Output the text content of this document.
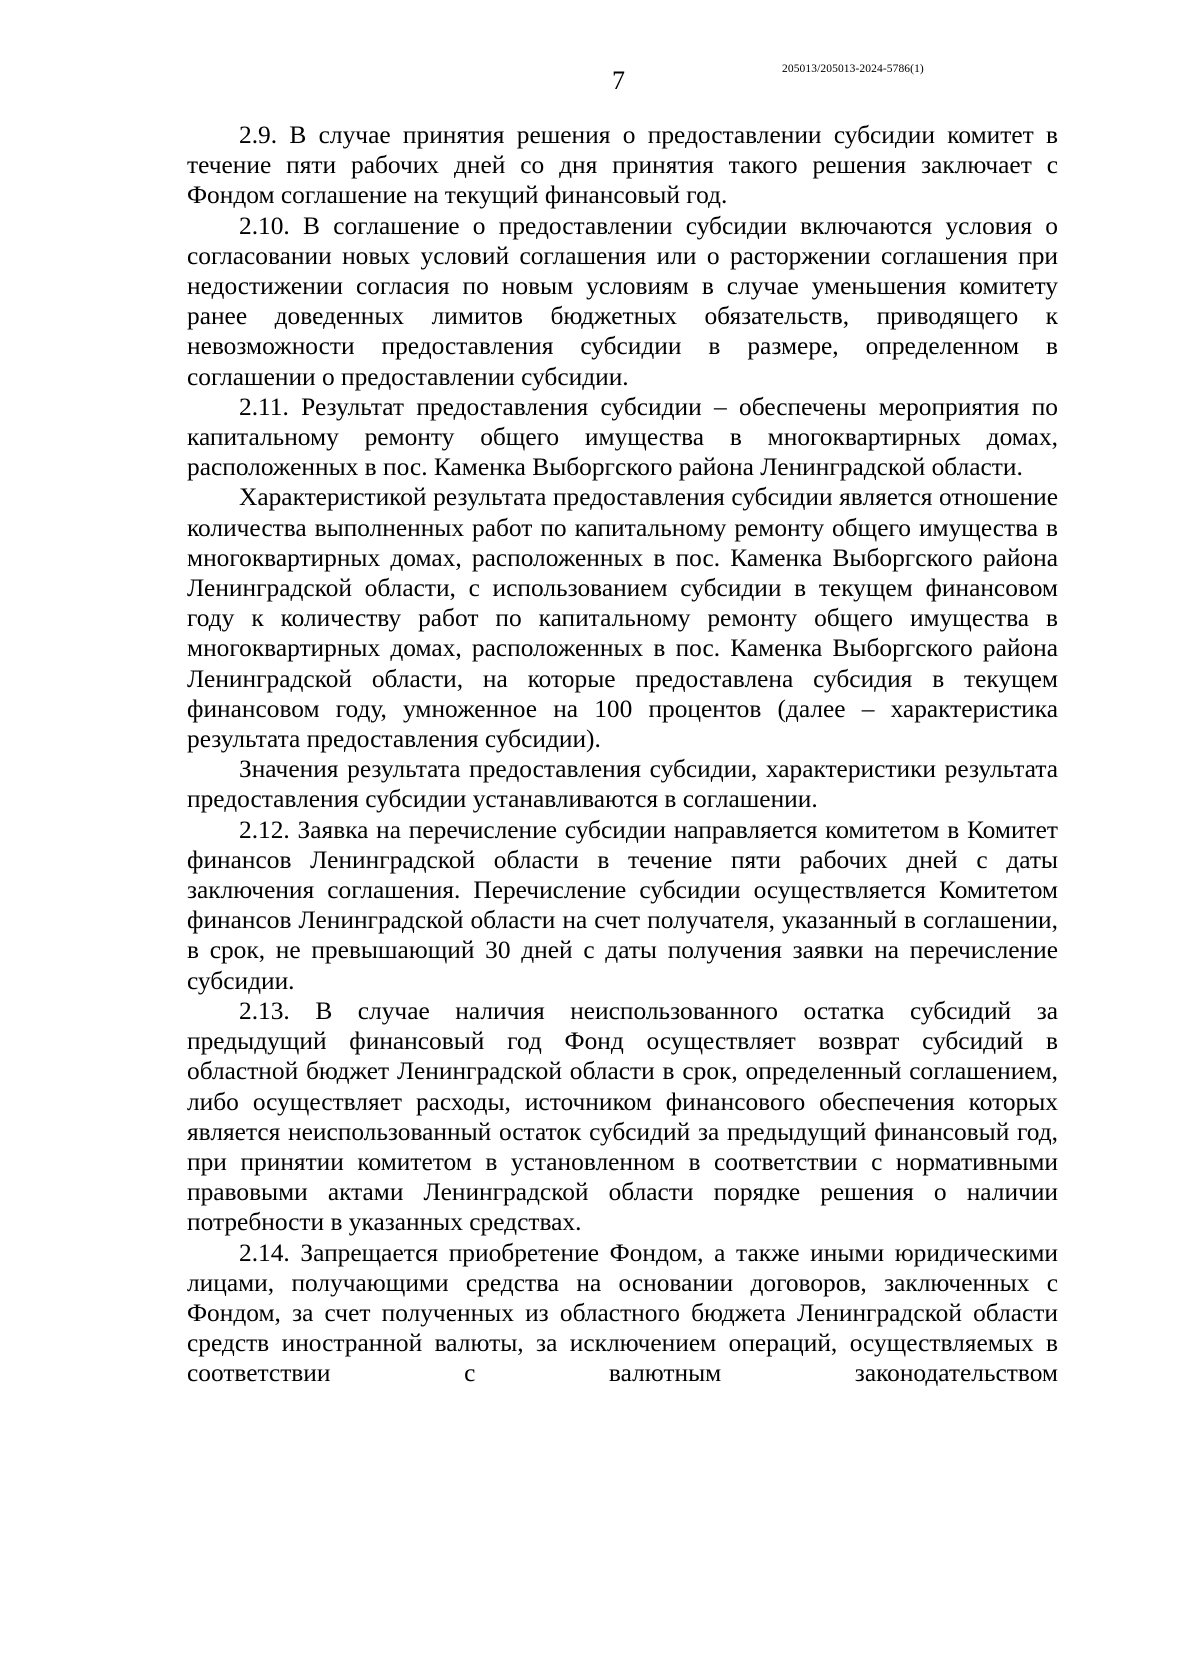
7	205013/205013-2024-5786(1)

2.9. В случае принятия решения о предоставлении субсидии комитет в течение пяти рабочих дней со дня принятия такого решения заключает с Фондом соглашение на текущий финансовый год.

2.10. В соглашение о предоставлении субсидии включаются условия о согласовании новых условий соглашения или о расторжении соглашения при недостижении согласия по новым условиям в случае уменьшения комитету ранее доведенных лимитов бюджетных обязательств, приводящего к невозможности предоставления субсидии в размере, определенном в соглашении о предоставлении субсидии.

2.11. Результат предоставления субсидии – обеспечены мероприятия по капитальному ремонту общего имущества в многоквартирных домах, расположенных в пос. Каменка Выборгского района Ленинградской области.

Характеристикой результата предоставления субсидии является отношение количества выполненных работ по капитальному ремонту общего имущества в многоквартирных домах, расположенных в пос. Каменка Выборгского района Ленинградской области, с использованием субсидии в текущем финансовом году к количеству работ по капитальному ремонту общего имущества в многоквартирных домах, расположенных в пос. Каменка Выборгского района Ленинградской области, на которые предоставлена субсидия в текущем финансовом году, умноженное на 100 процентов (далее – характеристика результата предоставления субсидии).

Значения результата предоставления субсидии, характеристики результата предоставления субсидии устанавливаются в соглашении.

2.12. Заявка на перечисление субсидии направляется комитетом в Комитет финансов Ленинградской области в течение пяти рабочих дней с даты заключения соглашения. Перечисление субсидии осуществляется Комитетом финансов Ленинградской области на счет получателя, указанный в соглашении, в срок, не превышающий 30 дней с даты получения заявки на перечисление субсидии.

2.13. В случае наличия неиспользованного остатка субсидий за предыдущий финансовый год Фонд осуществляет возврат субсидий в областной бюджет Ленинградской области в срок, определенный соглашением, либо осуществляет расходы, источником финансового обеспечения которых является неиспользованный остаток субсидий за предыдущий финансовый год, при принятии комитетом в установленном в соответствии с нормативными правовыми актами Ленинградской области порядке решения о наличии потребности в указанных средствах.

2.14. Запрещается приобретение Фондом, а также иными юридическими лицами, получающими средства на основании договоров, заключенных с Фондом, за счет полученных из областного бюджета Ленинградской области средств иностранной валюты, за исключением операций, осуществляемых в соответствии с валютным законодательством
